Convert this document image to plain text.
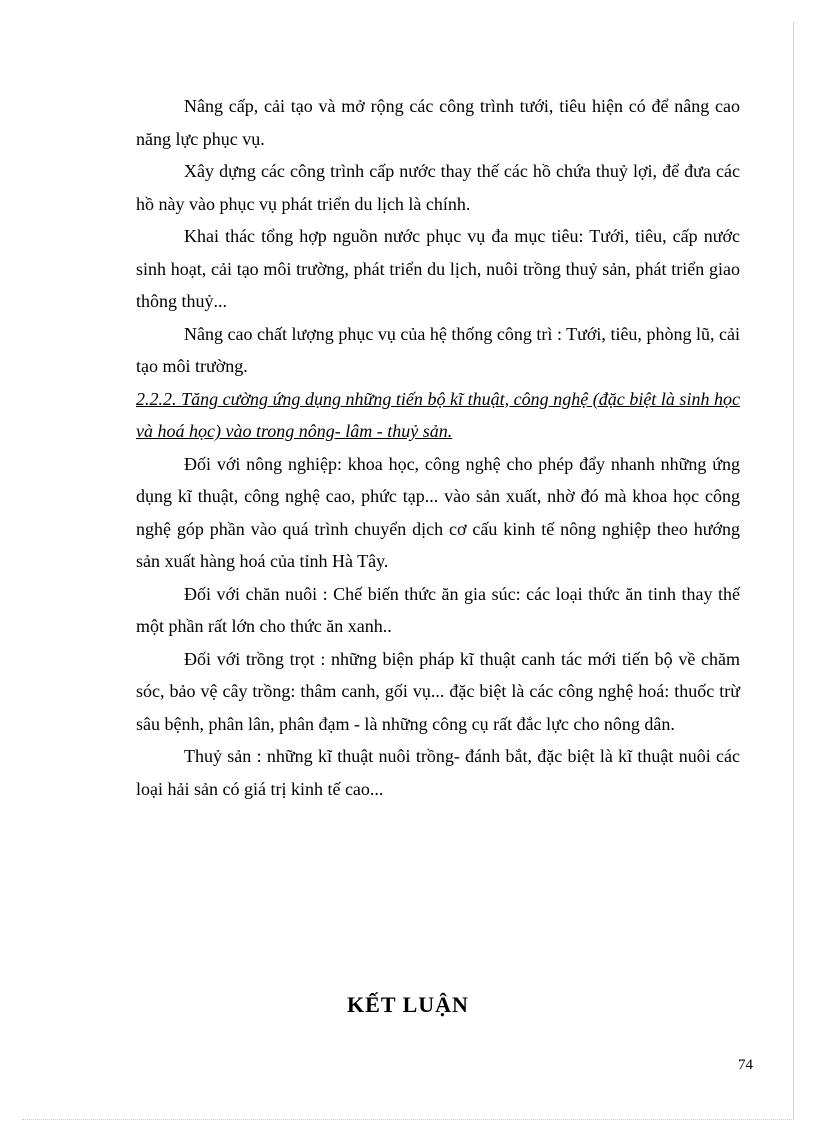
Nâng cấp, cải tạo và mở rộng các công trình tưới, tiêu hiện có để nâng cao năng lực phục vụ.

Xây dựng các công trình cấp nước thay thế các hồ chứa thuỷ lợi, để đưa các hồ này vào phục vụ phát triển du lịch là chính.

Khai thác tổng hợp nguồn nước phục vụ đa mục tiêu: Tưới, tiêu, cấp nước sinh hoạt, cải tạo môi trường, phát triển du lịch, nuôi trồng thuỷ sản, phát triển giao thông thuỷ...

Nâng cao chất lượng phục vụ của hệ thống công trì : Tưới, tiêu, phòng lũ, cải tạo môi trường.

2.2.2. Tăng cường ứng dụng những tiến bộ kĩ thuật, công nghệ (đặc biệt là sinh học và hoá học) vào trong nông- lâm - thuỷ sản.

Đối với nông nghiệp: khoa học, công nghệ cho phép đẩy nhanh những ứng dụng kĩ thuật, công nghệ cao, phức tạp... vào sản xuất, nhờ đó mà khoa học công nghệ góp phần vào quá trình chuyển dịch cơ cấu kinh tế nông nghiệp theo hướng sản xuất hàng hoá của tỉnh Hà Tây.

Đối với chăn nuôi : Chế biến thức ăn gia súc: các loại thức ăn tinh thay thế một phần rất lớn cho thức ăn xanh..

Đối với trồng trọt : những biện pháp kĩ thuật canh tác mới tiến bộ về chăm sóc, bảo vệ cây trồng: thâm canh, gối vụ... đặc biệt là các công nghệ hoá: thuốc trừ sâu bệnh, phân lân, phân đạm - là những công cụ rất đắc lực cho nông dân.

Thuỷ sản : những kĩ thuật nuôi trồng- đánh bắt, đặc biệt là kĩ thuật nuôi các loại hải sản có giá trị kinh tế cao...

KẾT LUẬN
74
